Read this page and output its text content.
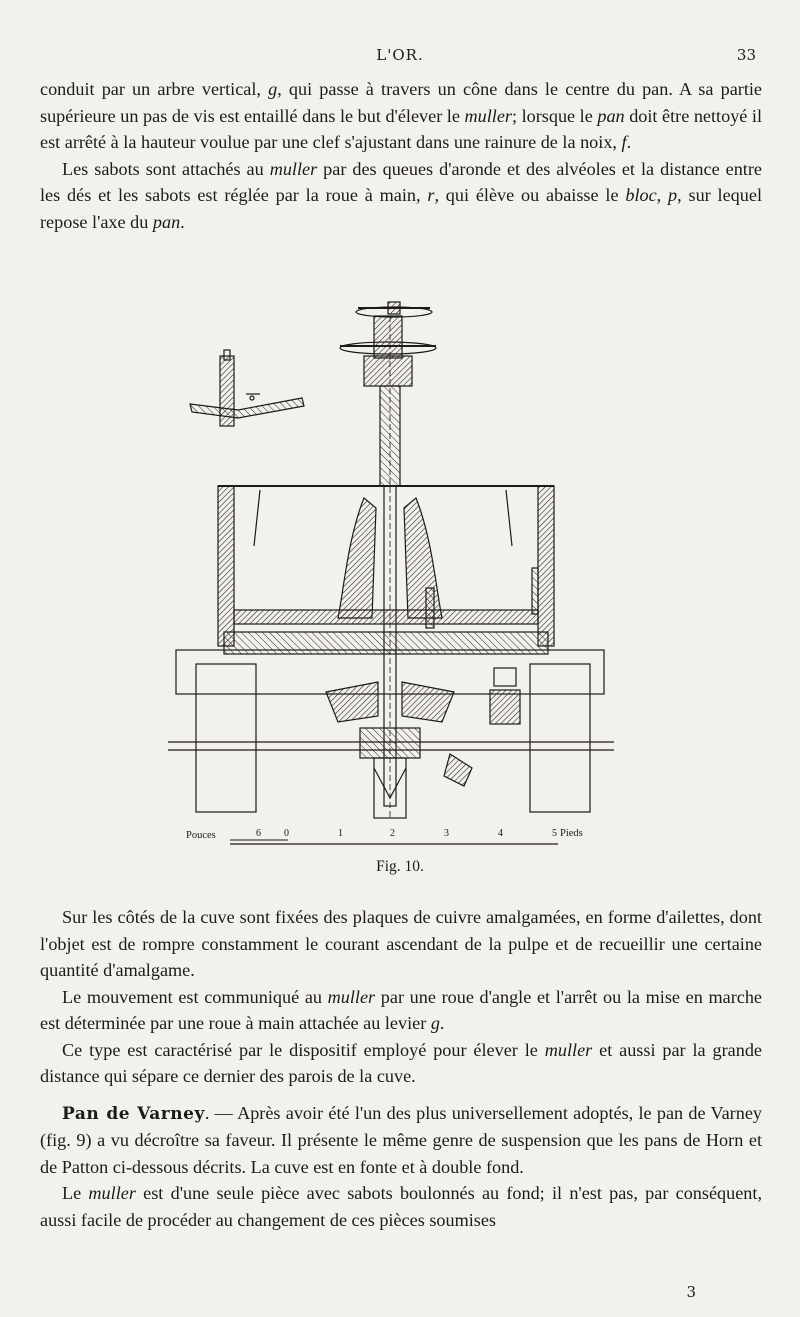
L'OR.	33

conduit par un arbre vertical, g, qui passe à travers un cône dans le centre du pan. A sa partie supérieure un pas de vis est entaillé dans le but d'élever le muller; lorsque le pan doit être nettoyé il est arrêté à la hauteur voulue par une clef s'ajustant dans une rainure de la noix, f.

Les sabots sont attachés au muller par des queues d'aronde et des alvéoles et la distance entre les dés et les sabots est réglée par la roue à main, r, qui élève ou abaisse le bloc, p, sur lequel repose l'axe du pan.

Pouces	6 0	1	2	3	4	5 Pieds
Fig. 10.

Sur les côtés de la cuve sont fixées des plaques de cuivre amalgamées, en forme d'ailettes, dont l'objet est de rompre constamment le courant ascendant de la pulpe et de recueillir une certaine quantité d'amalgame.

Le mouvement est communiqué au muller par une roue d'angle et l'arrêt ou la mise en marche est déterminée par une roue à main attachée au levier g.

Ce type est caractérisé par le dispositif employé pour élever le muller et aussi par la grande distance qui sépare ce dernier des parois de la cuve.

Pan de Varney. — Après avoir été l'un des plus universellement adoptés, le pan de Varney (fig. 9) a vu décroître sa faveur. Il présente le même genre de suspension que les pans de Horn et de Patton ci-dessous décrits. La cuve est en fonte et à double fond.

Le muller est d'une seule pièce avec sabots boulonnés au fond; il n'est pas, par conséquent, aussi facile de procéder au changement de ces pièces soumises

3
